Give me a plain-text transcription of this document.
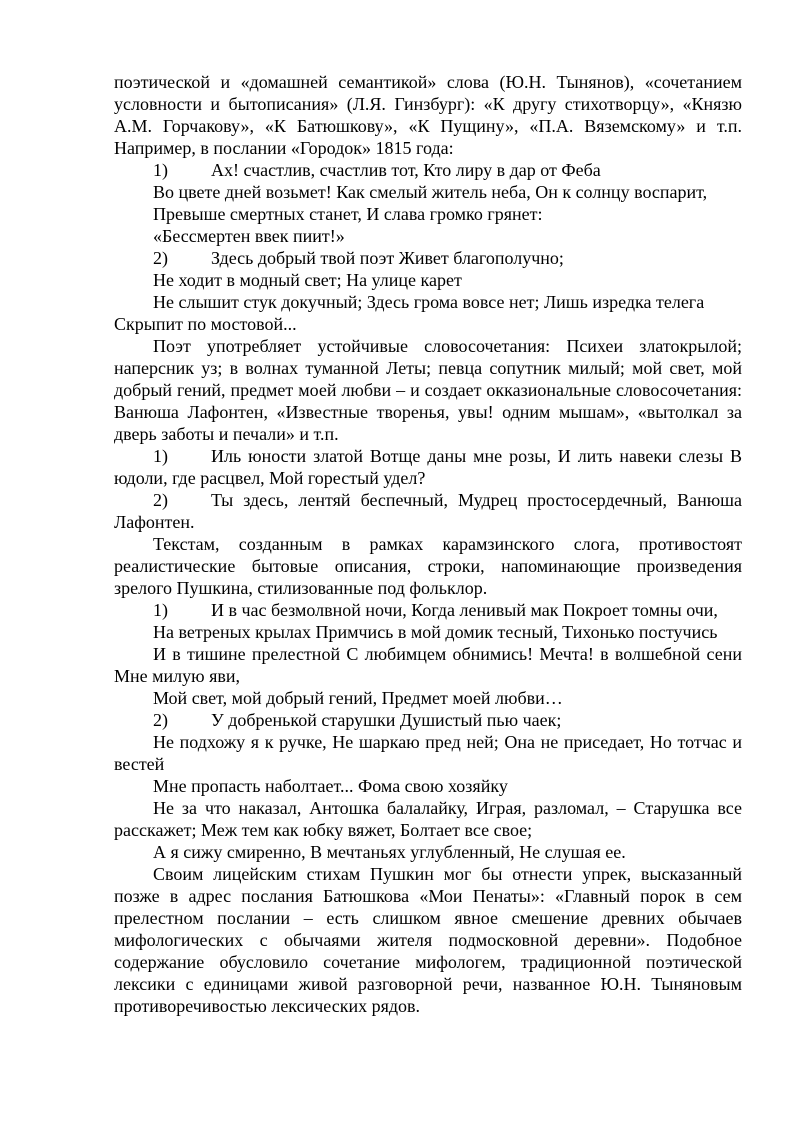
поэтической и «домашней семантикой» слова (Ю.Н. Тынянов), «сочетанием условности и бытописания» (Л.Я. Гинзбург): «К другу стихотворцу», «Князю А.М. Горчакову», «К Батюшкову», «К Пущину», «П.А. Вяземскому» и т.п. Например, в послании «Городок» 1815 года:

1) Ах! счастлив, счастлив тот, Кто лиру в дар от Феба

Во цвете дней возьмет! Как смелый житель неба, Он к солнцу воспарит,

Превыше смертных станет, И слава громко грянет:

«Бессмертен ввек пиит!»

2) Здесь добрый твой поэт Живет благополучно;

Не ходит в модный свет; На улице карет

Не слышит стук докучный; Здесь грома вовсе нет; Лишь изредка телега Скрыпит по мостовой...

Поэт употребляет устойчивые словосочетания: Психеи златокрылой; наперсник уз; в волнах туманной Леты; певца сопутник милый; мой свет, мой добрый гений, предмет моей любви – и создает окказиональные словосочетания: Ванюша Лафонтен, «Известные творенья, увы! одним мышам», «вытолкал за дверь заботы и печали» и т.п.

1) Иль юности златой Вотще даны мне розы, И лить навеки слезы В юдоли, где расцвел, Мой горестый удел?

2) Ты здесь, лентяй беспечный, Мудрец простосердечный, Ванюша Лафонтен.

Текстам, созданным в рамках карамзинского слога, противостоят реалистические бытовые описания, строки, напоминающие произведения зрелого Пушкина, стилизованные под фольклор.

1) И в час безмолвной ночи, Когда ленивый мак Покроет томны очи,

На ветреных крылах Примчись в мой домик тесный, Тихонько постучись

И в тишине прелестной С любимцем обнимись! Мечта! в волшебной сени Мне милую яви,

Мой свет, мой добрый гений, Предмет моей любви…

2) У добренькой старушки Душистый пью чаек;

Не подхожу я к ручке, Не шаркаю пред ней; Она не приседает, Но тотчас и вестей

Мне пропасть наболтает... Фома свою хозяйку

Не за что наказал, Антошка балалайку, Играя, разломал, – Старушка все расскажет; Меж тем как юбку вяжет, Болтает все свое;

А я сижу смиренно, В мечтаньях углубленный, Не слушая ее.

Своим лицейским стихам Пушкин мог бы отнести упрек, высказанный позже в адрес послания Батюшкова «Мои Пенаты»: «Главный порок в сем прелестном послании – есть слишком явное смешение древних обычаев мифологических с обычаями жителя подмосковной деревни». Подобное содержание обусловило сочетание мифологем, традиционной поэтической лексики с единицами живой разговорной речи, названное Ю.Н. Тыняновым противоречивостью лексических рядов.
